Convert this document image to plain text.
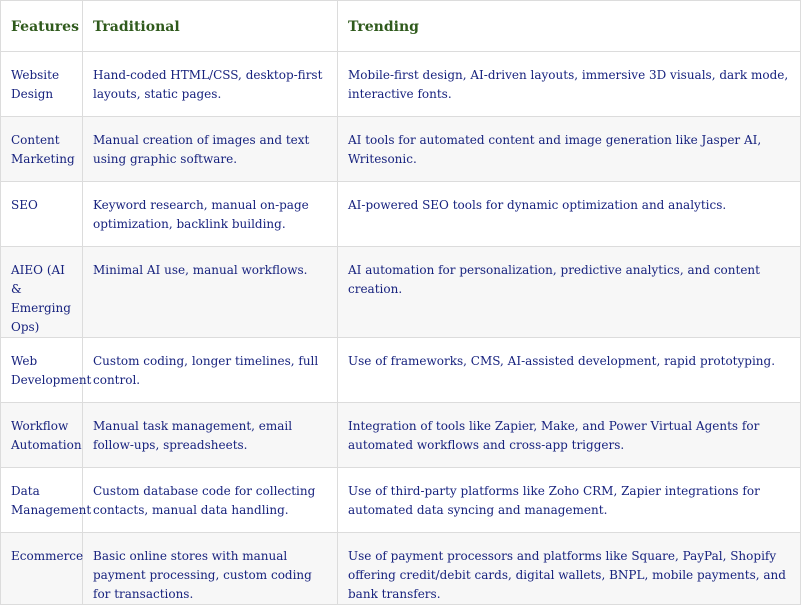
Features	Traditional	Trending
Website Design	Hand-coded HTML/CSS, desktop-first layouts, static pages.	Mobile-first design, AI-driven layouts, immersive 3D visuals, dark mode, interactive fonts.
Content Marketing	Manual creation of images and text using graphic software.	AI tools for automated content and image generation like Jasper AI, Writesonic.
SEO	Keyword research, manual on-page optimization, backlink building.	AI-powered SEO tools for dynamic optimization and analytics.
AIEO (AI & Emerging Ops)	Minimal AI use, manual workflows.	AI automation for personalization, predictive analytics, and content creation.
Web Development	Custom coding, longer timelines, full control.	Use of frameworks, CMS, AI-assisted development, rapid prototyping.
Workflow Automation	Manual task management, email follow-ups, spreadsheets.	Integration of tools like Zapier, Make, and Power Virtual Agents for automated workflows and cross-app triggers.
Data Management	Custom database code for collecting contacts, manual data handling.	Use of third-party platforms like Zoho CRM, Zapier integrations for automated data syncing and management.
Ecommerce	Basic online stores with manual payment processing, custom coding for transactions.	Use of payment processors and platforms like Square, PayPal, Shopify offering credit/debit cards, digital wallets, BNPL, mobile payments, and bank transfers.
